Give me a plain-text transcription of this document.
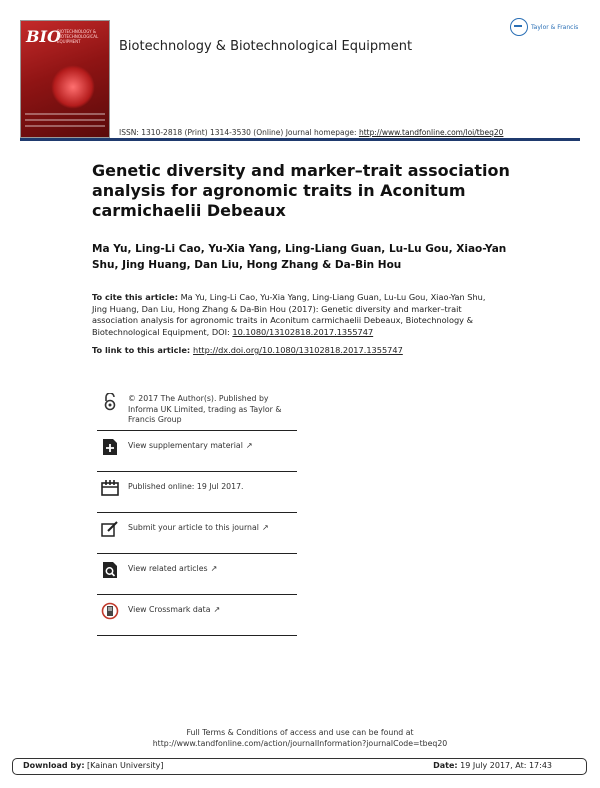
BIO
BIOTECHNOLOGY & BIOTECHNOLOGICAL EQUIPMENT	Biotechnology & Biotechnological Equipment
Taylor & Francis
ISSN: 1310-2818 (Print) 1314-3530 (Online) Journal homepage: http://www.tandfonline.com/loi/tbeq20
Genetic diversity and marker–trait association analysis for agronomic traits in Aconitum carmichaelii Debeaux

Ma Yu, Ling-Li Cao, Yu-Xia Yang, Ling-Liang Guan, Lu-Lu Gou, Xiao-Yan Shu, Jing Huang, Dan Liu, Hong Zhang & Da-Bin Hou

To cite this article: Ma Yu, Ling-Li Cao, Yu-Xia Yang, Ling-Liang Guan, Lu-Lu Gou, Xiao-Yan Shu, Jing Huang, Dan Liu, Hong Zhang & Da-Bin Hou (2017): Genetic diversity and marker–trait association analysis for agronomic traits in Aconitum carmichaelii Debeaux, Biotechnology & Biotechnological Equipment, DOI: 10.1080/13102818.2017.1355747

To link to this article: http://dx.doi.org/10.1080/13102818.2017.1355747

© 2017 The Author(s). Published by Informa UK Limited, trading as Taylor & Francis Group
View supplementary material ↗
Published online: 19 Jul 2017.
Submit your article to this journal ↗
View related articles ↗
View Crossmark data ↗
Full Terms & Conditions of access and use can be found at
http://www.tandfonline.com/action/journalInformation?journalCode=tbeq20
Download by: [Kainan University]	Date: 19 July 2017, At: 17:43
